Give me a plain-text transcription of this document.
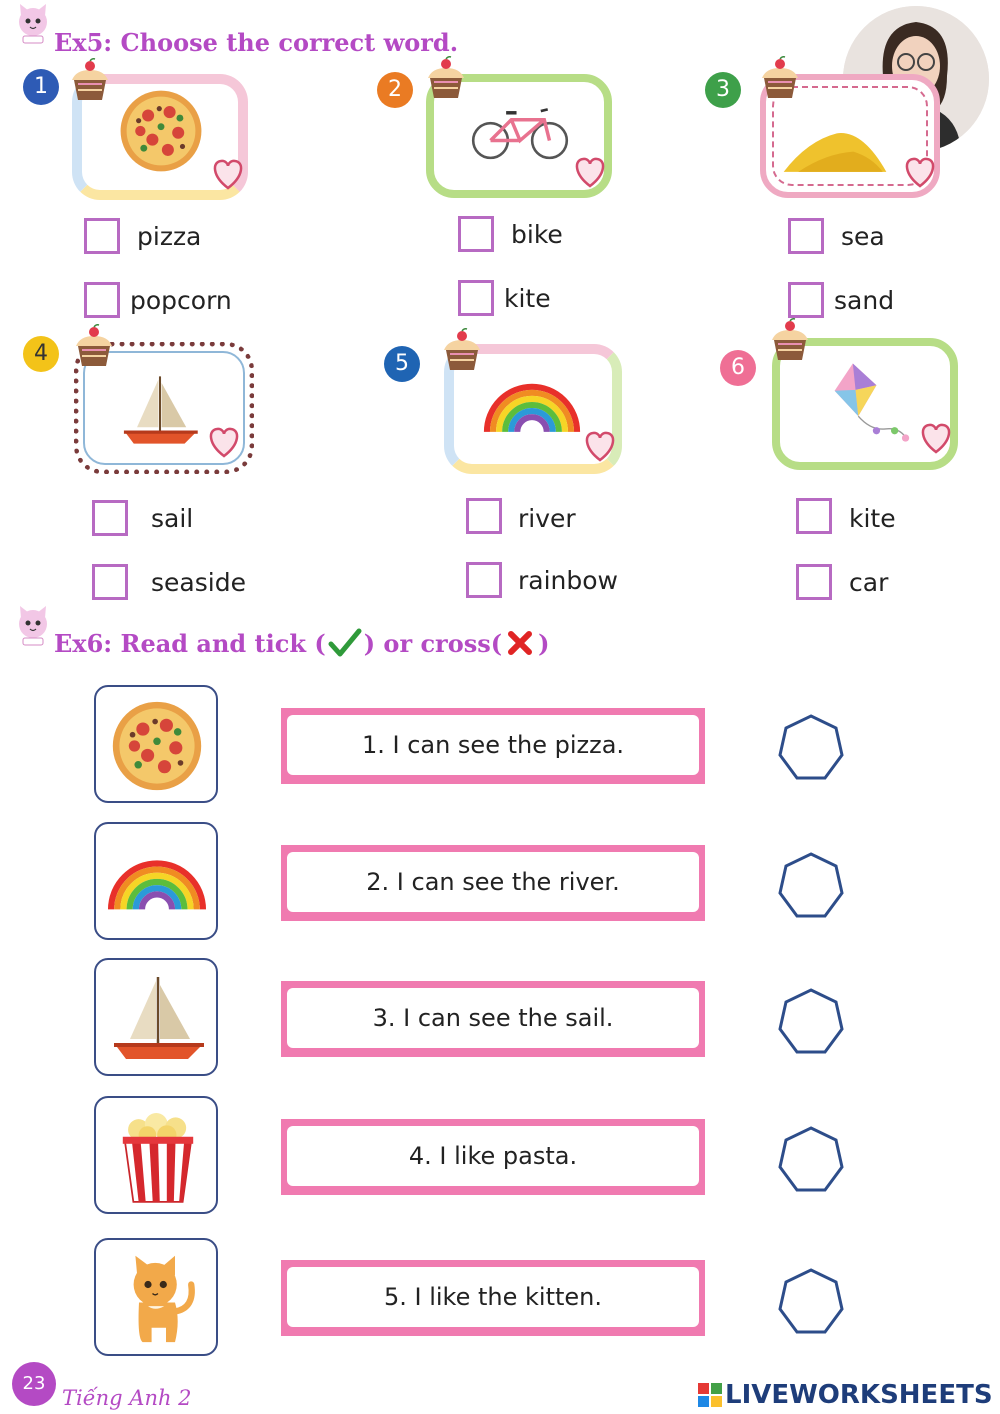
Ex5: Choose the correct word.
1
pizza
popcorn
2
bike
kite
3
sea
sand
4
sail
seaside
5
river
rainbow
6
kite
car
Ex6: Read and tick ( ) or cross( )
1. I can see the pizza.
2. I can see the river.
3. I can see the sail.
4. I like pasta.
5. I like the kitten.
23
Tiếng Anh 2	LIVEWORKSHEETS
